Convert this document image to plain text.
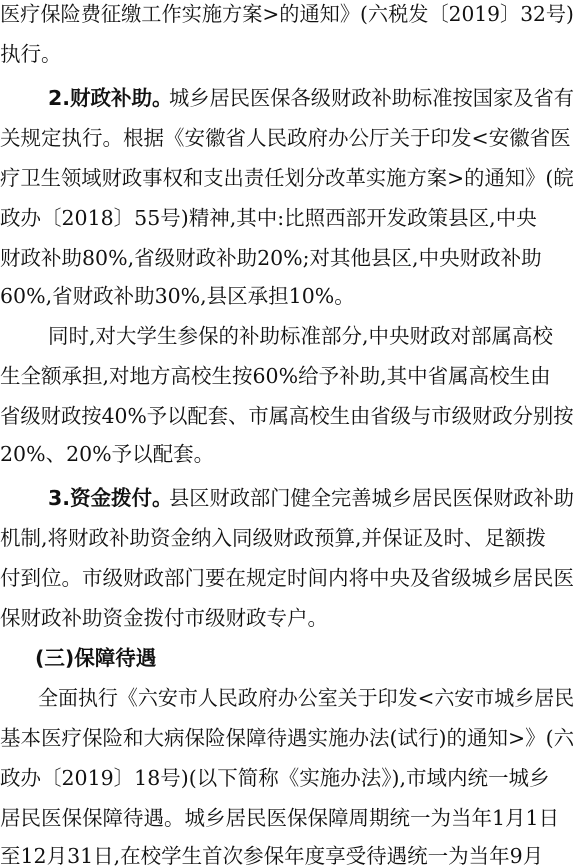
医疗保险费征缴工作实施方案>的通知》(六税发〔2019〕32号)
执行。
2.财政补助。
城乡居民医保各级财政补助标准按国家及省有
关规定执行。根据《安徽省人民政府办公厅关于印发<安徽省医
疗卫生领域财政事权和支出责任划分改革实施方案>的通知》(皖
政办〔2018〕55号)精神,其中:比照西部开发政策县区,中央
财政补助80%,省级财政补助20%;对其他县区,中央财政补助
60%,省财政补助30%,县区承担10%。
同时,对大学生参保的补助标准部分,中央财政对部属高校
生全额承担,对地方高校生按60%给予补助,其中省属高校生由
省级财政按40%予以配套、市属高校生由省级与市级财政分别按
20%、20%予以配套。
3.资金拨付。
县区财政部门健全完善城乡居民医保财政补助
机制,将财政补助资金纳入同级财政预算,并保证及时、足额拨
付到位。市级财政部门要在规定时间内将中央及省级城乡居民医
保财政补助资金拨付市级财政专户。
(三)保障待遇
全面执行《六安市人民政府办公室关于印发<六安市城乡居民
基本医疗保险和大病保险保障待遇实施办法(试行)的通知>》(六
政办〔2019〕18号)(以下简称《实施办法》),市域内统一城乡
居民医保保障待遇。城乡居民医保保障周期统一为当年1月1日
至12月31日,在校学生首次参保年度享受待遇统一为当年9月
